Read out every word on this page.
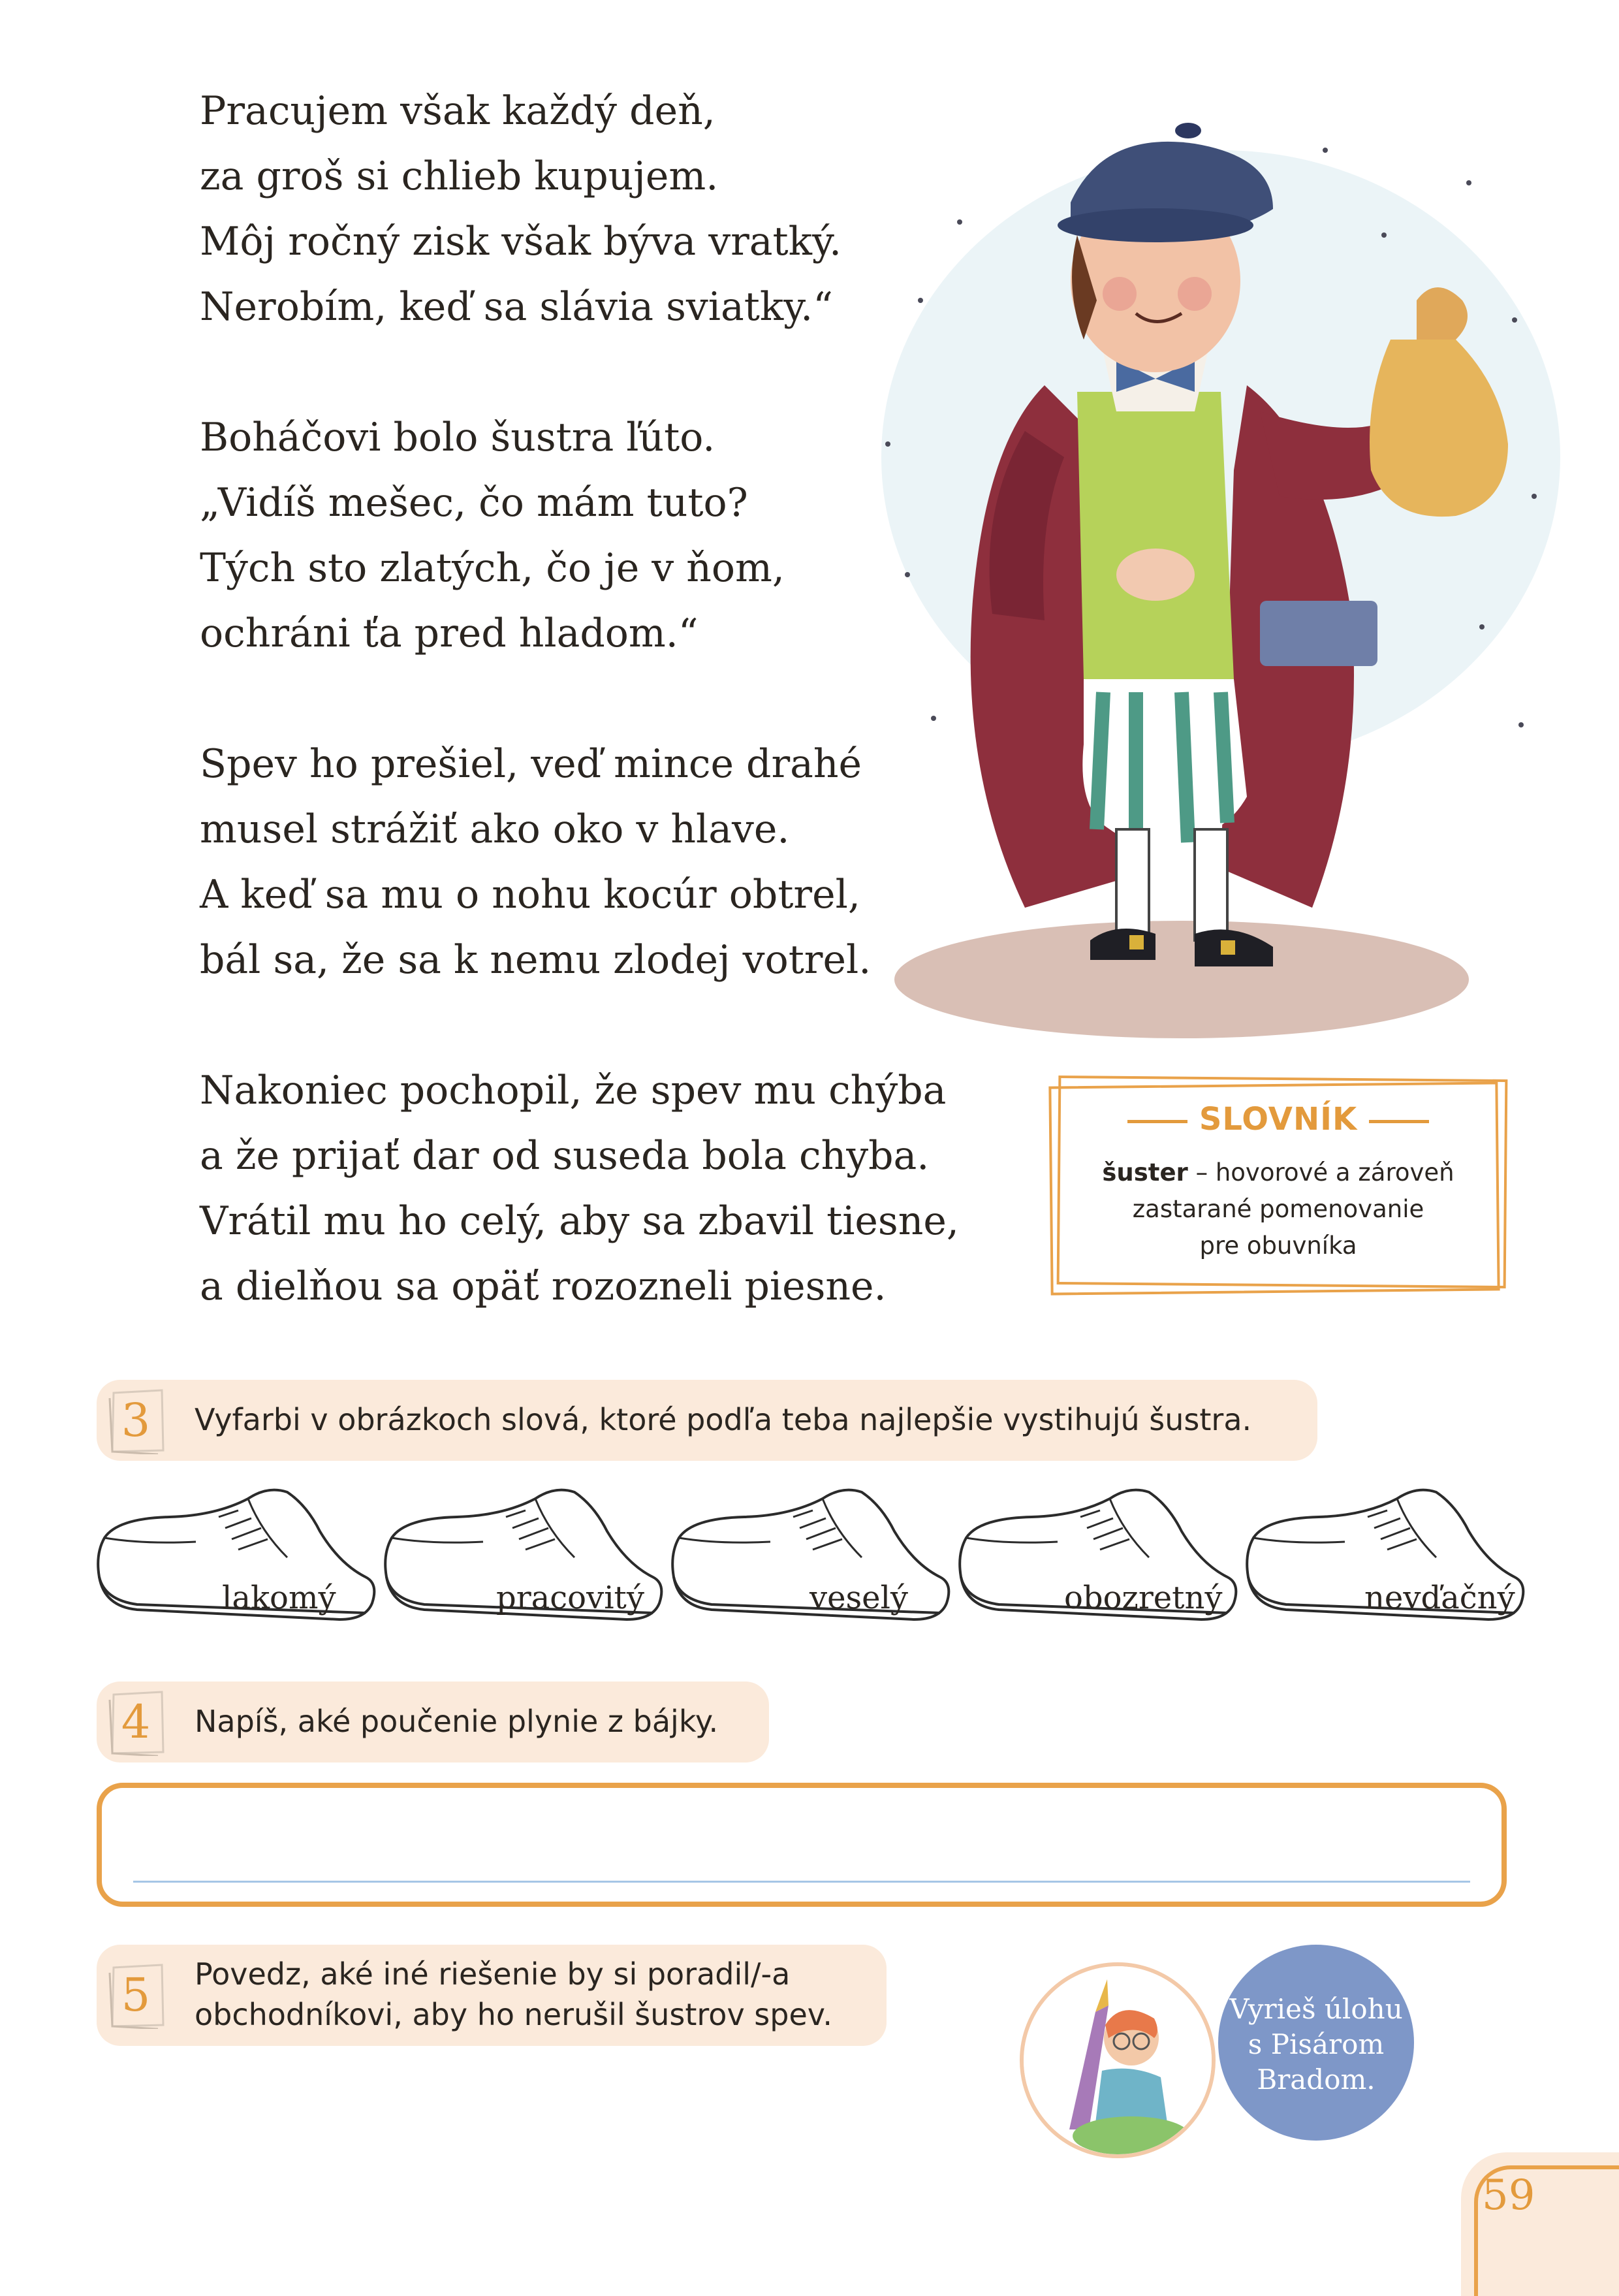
Pracujem však každý deň,
za groš si chlieb kupujem.
Môj ročný zisk však býva vratký.
Nerobím, keď sa slávia sviatky.“
Boháčovi bolo šustra ľúto.
„Vidíš mešec, čo mám tuto?
Tých sto zlatých, čo je v ňom,
ochráni ťa pred hladom.“
Spev ho prešiel, veď mince drahé
musel strážiť ako oko v hlave.
A keď sa mu o nohu kocúr obtrel,
bál sa, že sa k nemu zlodej votrel.
Nakoniec pochopil, že spev mu chýba
a že prijať dar od suseda bola chyba.
Vrátil mu ho celý, aby sa zbavil tiesne,
a dielňou sa opäť rozozneli piesne.
SLOVNÍK
šuster – hovorové a zároveň
zastarané pomenovanie
pre obuvníka
3	Vyfarbi v obrázkoch slová, ktoré podľa teba najlepšie vystihujú šustra.
lakomý	pracovitý	veselý	obozretný	nevďačný
4	Napíš, aké poučenie plynie z bájky.
5	Povedz, aké iné riešenie by si poradil/-a
obchodníkovi, aby ho nerušil šustrov spev.	Vyrieš úlohu
s Pisárom
Bradom.
59
